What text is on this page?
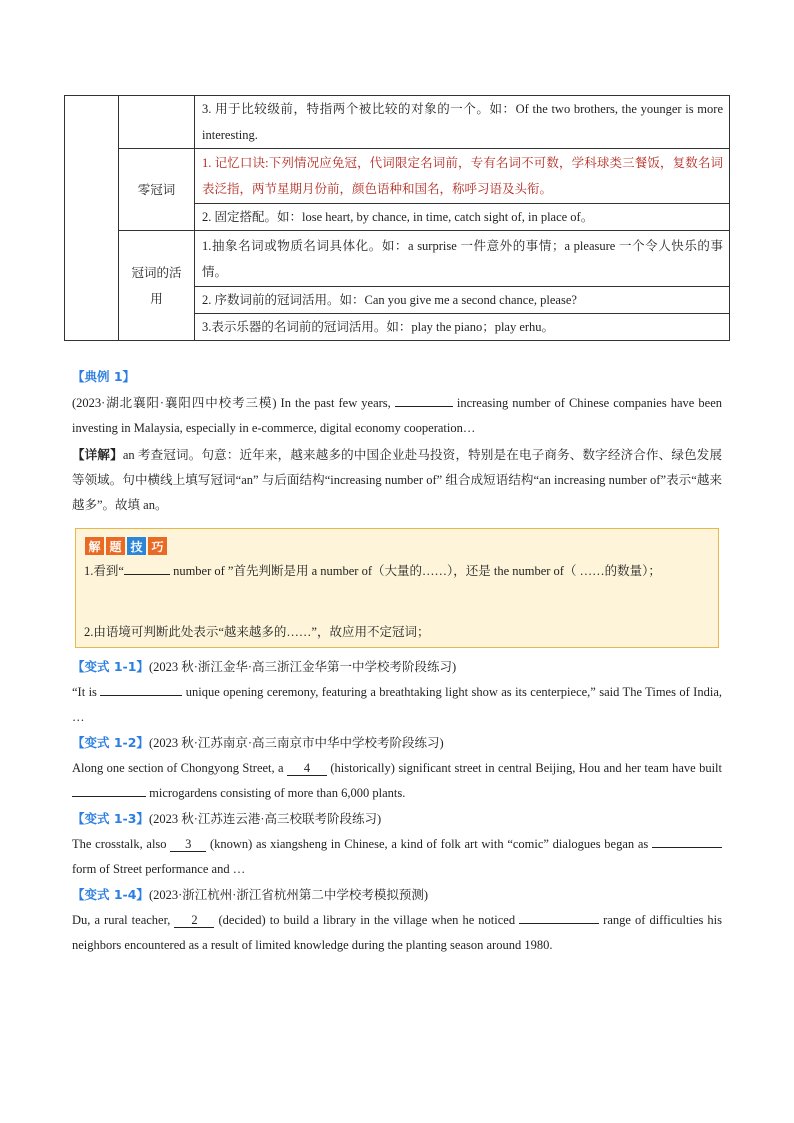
		3. 用于比较级前，特指两个被比较的对象的一个。如：Of the two brothers, the younger is more interesting.
	零冠词	1. 记忆口诀:下列情况应免冠，代词限定名词前，专有名词不可数，学科球类三餐饭，复数名词表泛指，两节星期月份前，颜色语种和国名，称呼习语及头衔。
		2. 固定搭配。如：lose heart, by chance, in time, catch sight of, in place of。
	冠词的活用	1.抽象名词或物质名词具体化。如：a surprise 一件意外的事情；a pleasure 一个令人快乐的事情。
		2. 序数词前的冠词活用。如：Can you give me a second chance, please?
		3.表示乐器的名词前的冠词活用。如：play the piano；play erhu。
【典例 1】
(2023·湖北襄阳·襄阳四中校考三模) In the past few years,	increasing number of Chinese companies have been investing in Malaysia, especially in e-commerce, digital economy cooperation…
【详解】an 考查冠词。句意：近年来，越来越多的中国企业赴马投资，特别是在电子商务、数字经济合作、绿色发展等领域。句中横线上填写冠词“an” 与后面结构“increasing number of” 组合成短语结构“an increasing number of”表示“越来越多”。故填 an。
解 题 技 巧
1.看到“	number of ”首先判断是用 a number of（大量的……），还是 the number of（ ……的数量）；
2.由语境可判断此处表示“越来越多的……”，故应用不定冠词；
【变式 1-1】(2023 秋·浙江金华·高三浙江金华第一中学校考阶段练习)
“It is	unique opening ceremony, featuring a breathtaking light show as its centerpiece,” said The Times of India, …
【变式 1-2】(2023 秋·江苏南京·高三南京市中华中学校考阶段练习)
Along one section of Chongyong Street, a 4 (historically) significant street in central Beijing, Hou and her team have built  microgardens consisting of more than 6,000 plants.
【变式 1-3】(2023 秋·江苏连云港·高三校联考阶段练习)
The crosstalk, also 3 (known) as xiangsheng in Chinese, a kind of folk art with “comic” dialogues began as  form of Street performance and …
【变式 1-4】(2023·浙江杭州·浙江省杭州第二中学校考模拟预测)
Du, a rural teacher, 2 (decided) to build a library in the village when he noticed	range of difficulties his neighbors encountered as a result of limited knowledge during the planting season around 1980.
